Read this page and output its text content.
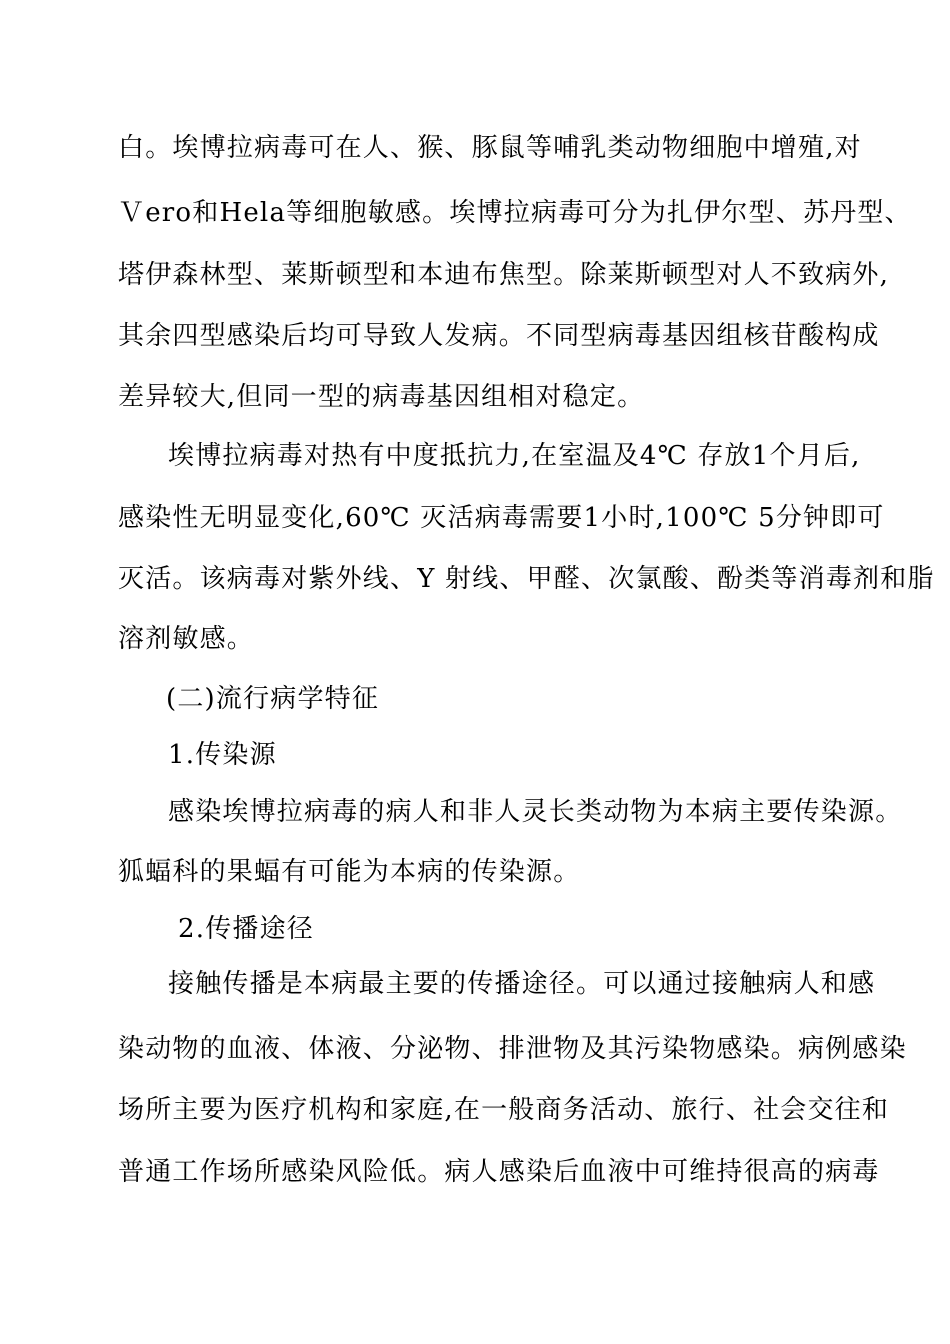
白。埃博拉病毒可在人、猴、豚鼠等哺乳类动物细胞中增殖,对
Ｖero和Hela等细胞敏感。埃博拉病毒可分为扎伊尔型、苏丹型、
塔伊森林型、莱斯顿型和本迪布焦型。除莱斯顿型对人不致病外,
其余四型感染后均可导致人发病。不同型病毒基因组核苷酸构成
差异较大,但同一型的病毒基因组相对稳定。
埃博拉病毒对热有中度抵抗力,在室温及4℃ 存放1个月后,
感染性无明显变化,60℃ 灭活病毒需要1小时,100℃ 5分钟即可
灭活。该病毒对紫外线、Υ 射线、甲醛、次氯酸、酚类等消毒剂和脂
溶剂敏感。
(二)流行病学特征
1.传染源
感染埃博拉病毒的病人和非人灵长类动物为本病主要传染源。
狐蝠科的果蝠有可能为本病的传染源。
2.传播途径
接触传播是本病最主要的传播途径。可以通过接触病人和感
染动物的血液、体液、分泌物、排泄物及其污染物感染。病例感染
场所主要为医疗机构和家庭,在一般商务活动、旅行、社会交往和
普通工作场所感染风险低。病人感染后血液中可维持很高的病毒
